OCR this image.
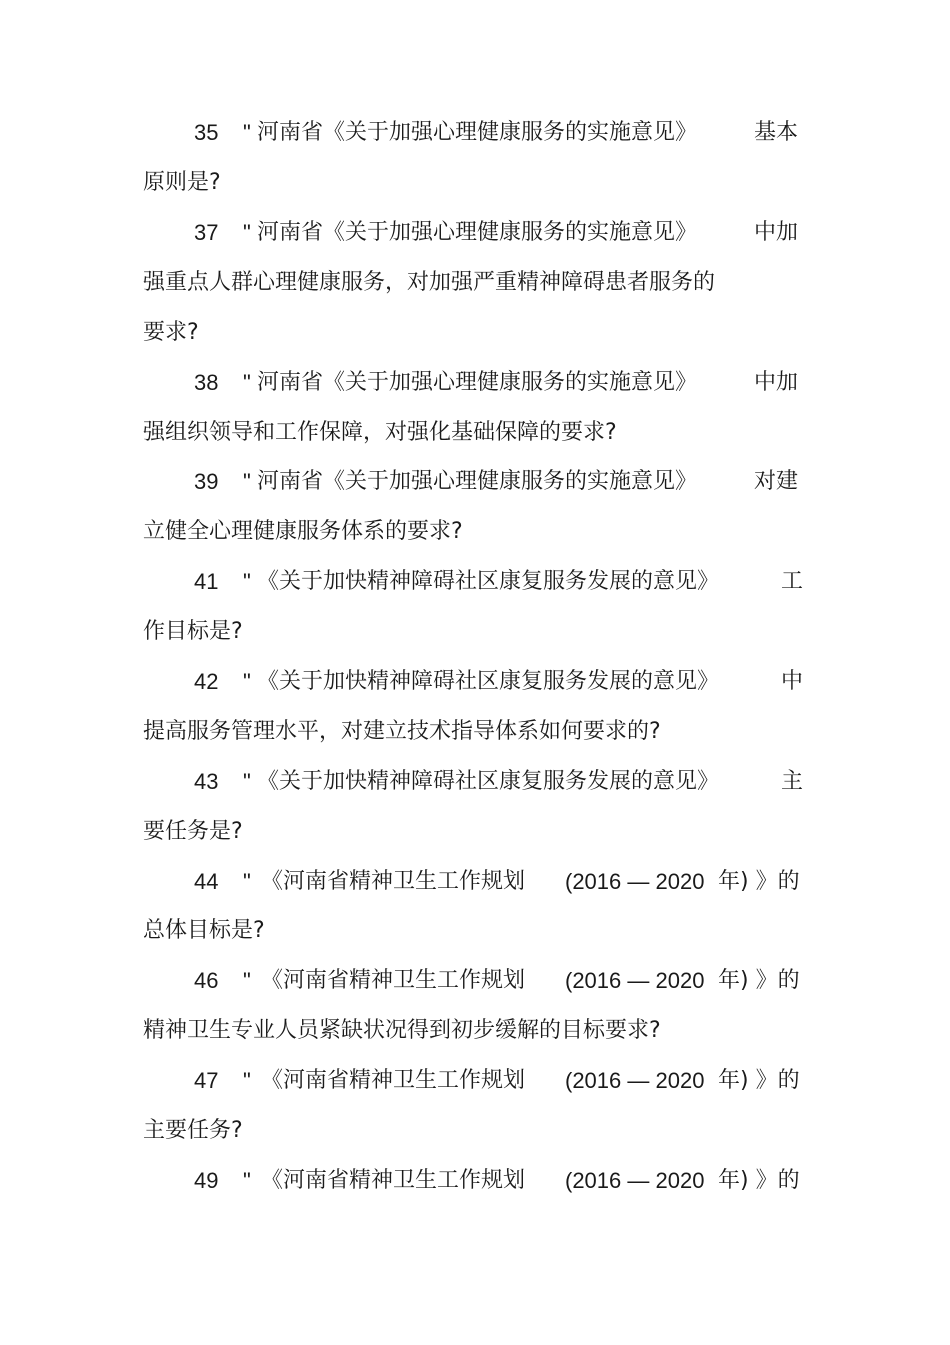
35 " 河南省《关于加强心理健康服务的实施意见》	基本
原则是?
37 " 河南省《关于加强心理健康服务的实施意见》	中加
强重点人群心理健康服务，对加强严重精神障碍患者服务的
要求?
38 " 河南省《关于加强心理健康服务的实施意见》	中加
强组织领导和工作保障，对强化基础保障的要求?
39 " 河南省《关于加强心理健康服务的实施意见》	对建
立健全心理健康服务体系的要求?
41 " 《关于加快精神障碍社区康复服务发展的意见》	工
作目标是?
42 " 《关于加快精神障碍社区康复服务发展的意见》	中
提高服务管理水平，对建立技术指导体系如何要求的?
43 " 《关于加快精神障碍社区康复服务发展的意见》	主
要任务是?
44 " 《河南省精神卫生工作规划 (2016 — 2020 年) 》的
总体目标是?
46 " 《河南省精神卫生工作规划 (2016 — 2020 年) 》的
精神卫生专业人员紧缺状况得到初步缓解的目标要求?
47 " 《河南省精神卫生工作规划 (2016 — 2020 年) 》的
主要任务?
49 " 《河南省精神卫生工作规划 (2016 — 2020 年) 》的
